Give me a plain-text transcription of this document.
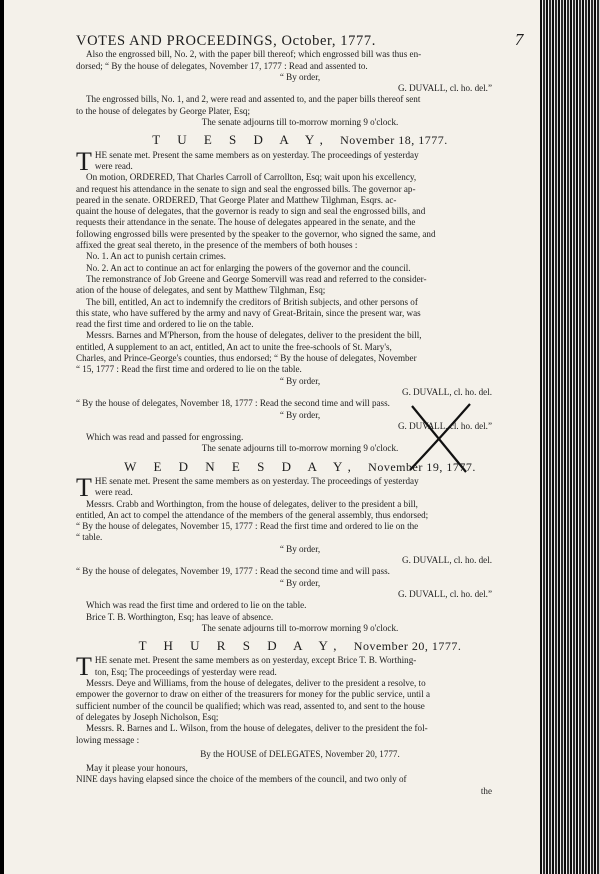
VOTES AND PROCEEDINGS, October, 1777.	7

Also the engrossed bill, No. 2, with the paper bill thereof; which engrossed bill was thus en-

dorsed; “ By the house of delegates, November 17, 1777 : Read and assented to.

“ By order,

G. DUVALL, cl. ho. del.”

The engrossed bills, No. 1, and 2, were read and assented to, and the paper bills thereof sent

to the house of delegates by George Plater, Esq;

The senate adjourns till to-morrow morning 9 o'clock.

T U E S D A Y, November 18, 1777.
T HE senate met. Present the same members as on yesterday. The proceedings of yesterday

were read.

On motion, ORDERED, That Charles Carroll of Carrollton, Esq; wait upon his excellency,

and request his attendance in the senate to sign and seal the engrossed bills. The governor ap-

peared in the senate. ORDERED, That George Plater and Matthew Tilghman, Esqrs. ac-

quaint the house of delegates, that the governor is ready to sign and seal the engrossed bills, and

requests their attendance in the senate. The house of delegates appeared in the senate, and the

following engrossed bills were presented by the speaker to the governor, who signed the same, and

affixed the great seal thereto, in the presence of the members of both houses :

No. 1. An act to punish certain crimes.

No. 2. An act to continue an act for enlarging the powers of the governor and the council.

The remonstrance of Job Greene and George Somervill was read and referred to the consider-

ation of the house of delegates, and sent by Matthew Tilghman, Esq;

The bill, entitled, An act to indemnify the creditors of British subjects, and other persons of

this state, who have suffered by the army and navy of Great-Britain, since the present war, was

read the first time and ordered to lie on the table.

Messrs. Barnes and M'Pherson, from the house of delegates, deliver to the president the bill,

entitled, A supplement to an act, entitled, An act to unite the free-schools of St. Mary's,

Charles, and Prince-George's counties, thus endorsed; “ By the house of delegates, November

“ 15, 1777 : Read the first time and ordered to lie on the table.

“ By order,

G. DUVALL, cl. ho. del.

“ By the house of delegates, November 18, 1777 : Read the second time and will pass.

“ By order,

G. DUVALL, cl. ho. del.”

Which was read and passed for engrossing.

The senate adjourns till to-morrow morning 9 o'clock.

W E D N E S D A Y, November 19, 1777.
T HE senate met. Present the same members as on yesterday. The proceedings of yesterday

were read.

Messrs. Crabb and Worthington, from the house of delegates, deliver to the president a bill,

entitled, An act to compel the attendance of the members of the general assembly, thus endorsed;

“ By the house of delegates, November 15, 1777 : Read the first time and ordered to lie on the

“ table.

“ By order,

G. DUVALL, cl. ho. del.

“ By the house of delegates, November 19, 1777 : Read the second time and will pass.

“ By order,

G. DUVALL, cl. ho. del.”

Which was read the first time and ordered to lie on the table.

Brice T. B. Worthington, Esq; has leave of absence.

The senate adjourns till to-morrow morning 9 o'clock.

T H U R S D A Y, November 20, 1777.
T HE senate met. Present the same members as on yesterday, except Brice T. B. Worthing-

ton, Esq; The proceedings of yesterday were read.

Messrs. Deye and Williams, from the house of delegates, deliver to the president a resolve, to

empower the governor to draw on either of the treasurers for money for the public service, until a

sufficient number of the council be qualified; which was read, assented to, and sent to the house

of delegates by Joseph Nicholson, Esq;

Messrs. R. Barnes and L. Wilson, from the house of delegates, deliver to the president the fol-

lowing message :

By the HOUSE of DELEGATES, November 20, 1777.

May it please your honours,

NINE days having elapsed since the choice of the members of the council, and two only of

the
